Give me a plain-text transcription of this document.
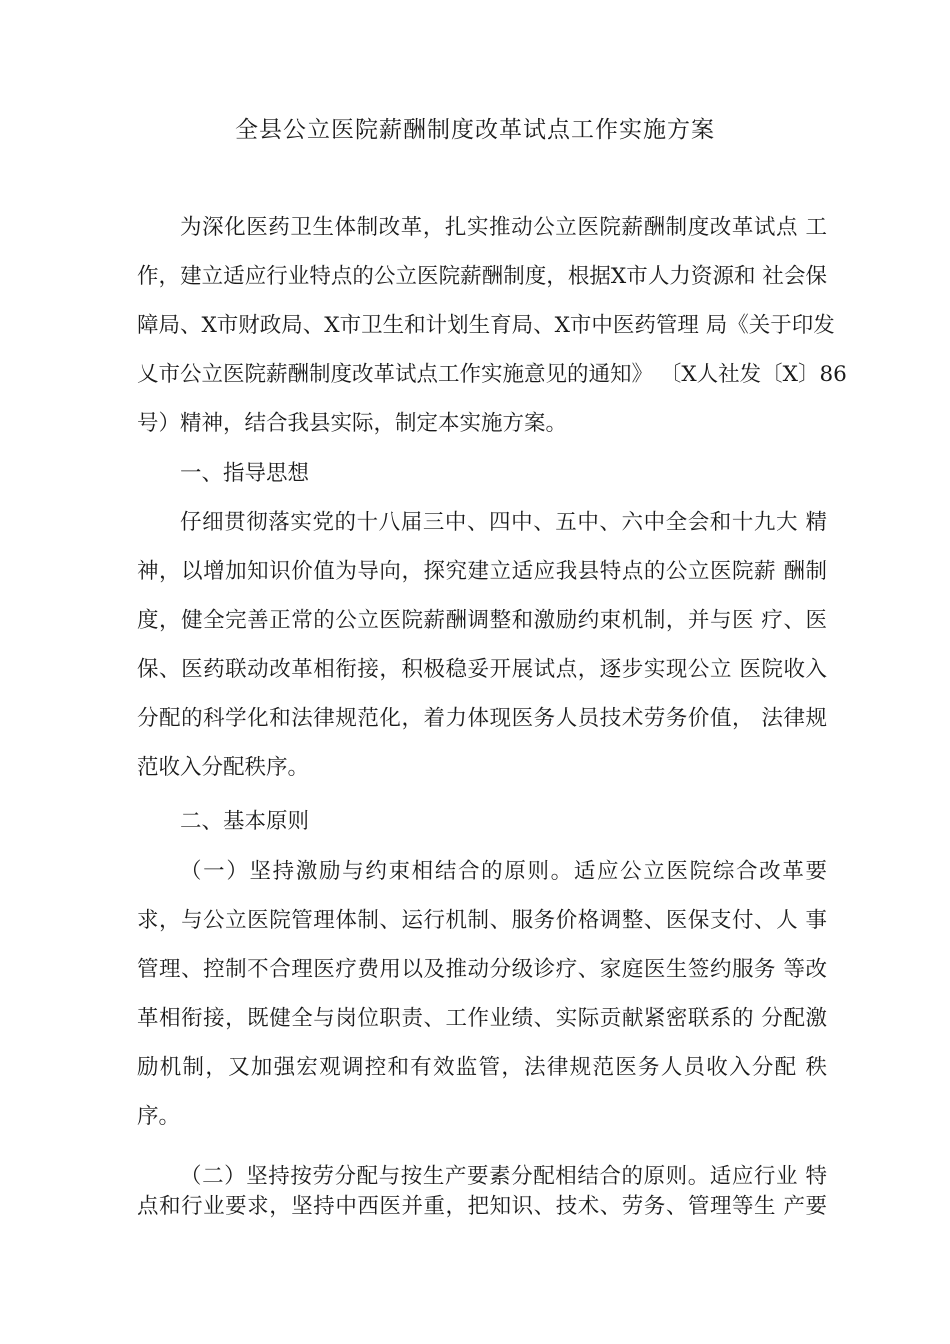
全县公立医院薪酬制度改革试点工作实施方案
为深化医药卫生体制改革，扎实推动公立医院薪酬制度改革试点 工
作，建立适应行业特点的公立医院薪酬制度，根据X市人力资源和 社会保
障局、X市财政局、X市卫生和计划生育局、X市中医药管理 局《关于印发
乂市公立医院薪酬制度改革试点工作实施意见的通知》 〔X人社发〔X〕86
号）精神，结合我县实际，制定本实施方案。
一、指导思想
仔细贯彻落实党的十八届三中、四中、五中、六中全会和十九大 精
神，以增加知识价值为导向，探究建立适应我县特点的公立医院薪 酬制
度，健全完善正常的公立医院薪酬调整和激励约束机制，并与医 疗、医
保、医药联动改革相衔接，积极稳妥开展试点，逐步实现公立 医院收入
分配的科学化和法律规范化，着力体现医务人员技术劳务价值， 法律规
范收入分配秩序。
二、基本原则
（一）坚持激励与约束相结合的原则。适应公立医院综合改革要
求，与公立医院管理体制、运行机制、服务价格调整、医保支付、人 事
管理、控制不合理医疗费用以及推动分级诊疗、家庭医生签约服务 等改
革相衔接，既健全与岗位职责、工作业绩、实际贡献紧密联系的 分配激
励机制，又加强宏观调控和有效监管，法律规范医务人员收入分配 秩
序。
（二）坚持按劳分配与按生产要素分配相结合的原则。适应行业 特
点和行业要求，坚持中西医并重，把知识、技术、劳务、管理等生 产要
